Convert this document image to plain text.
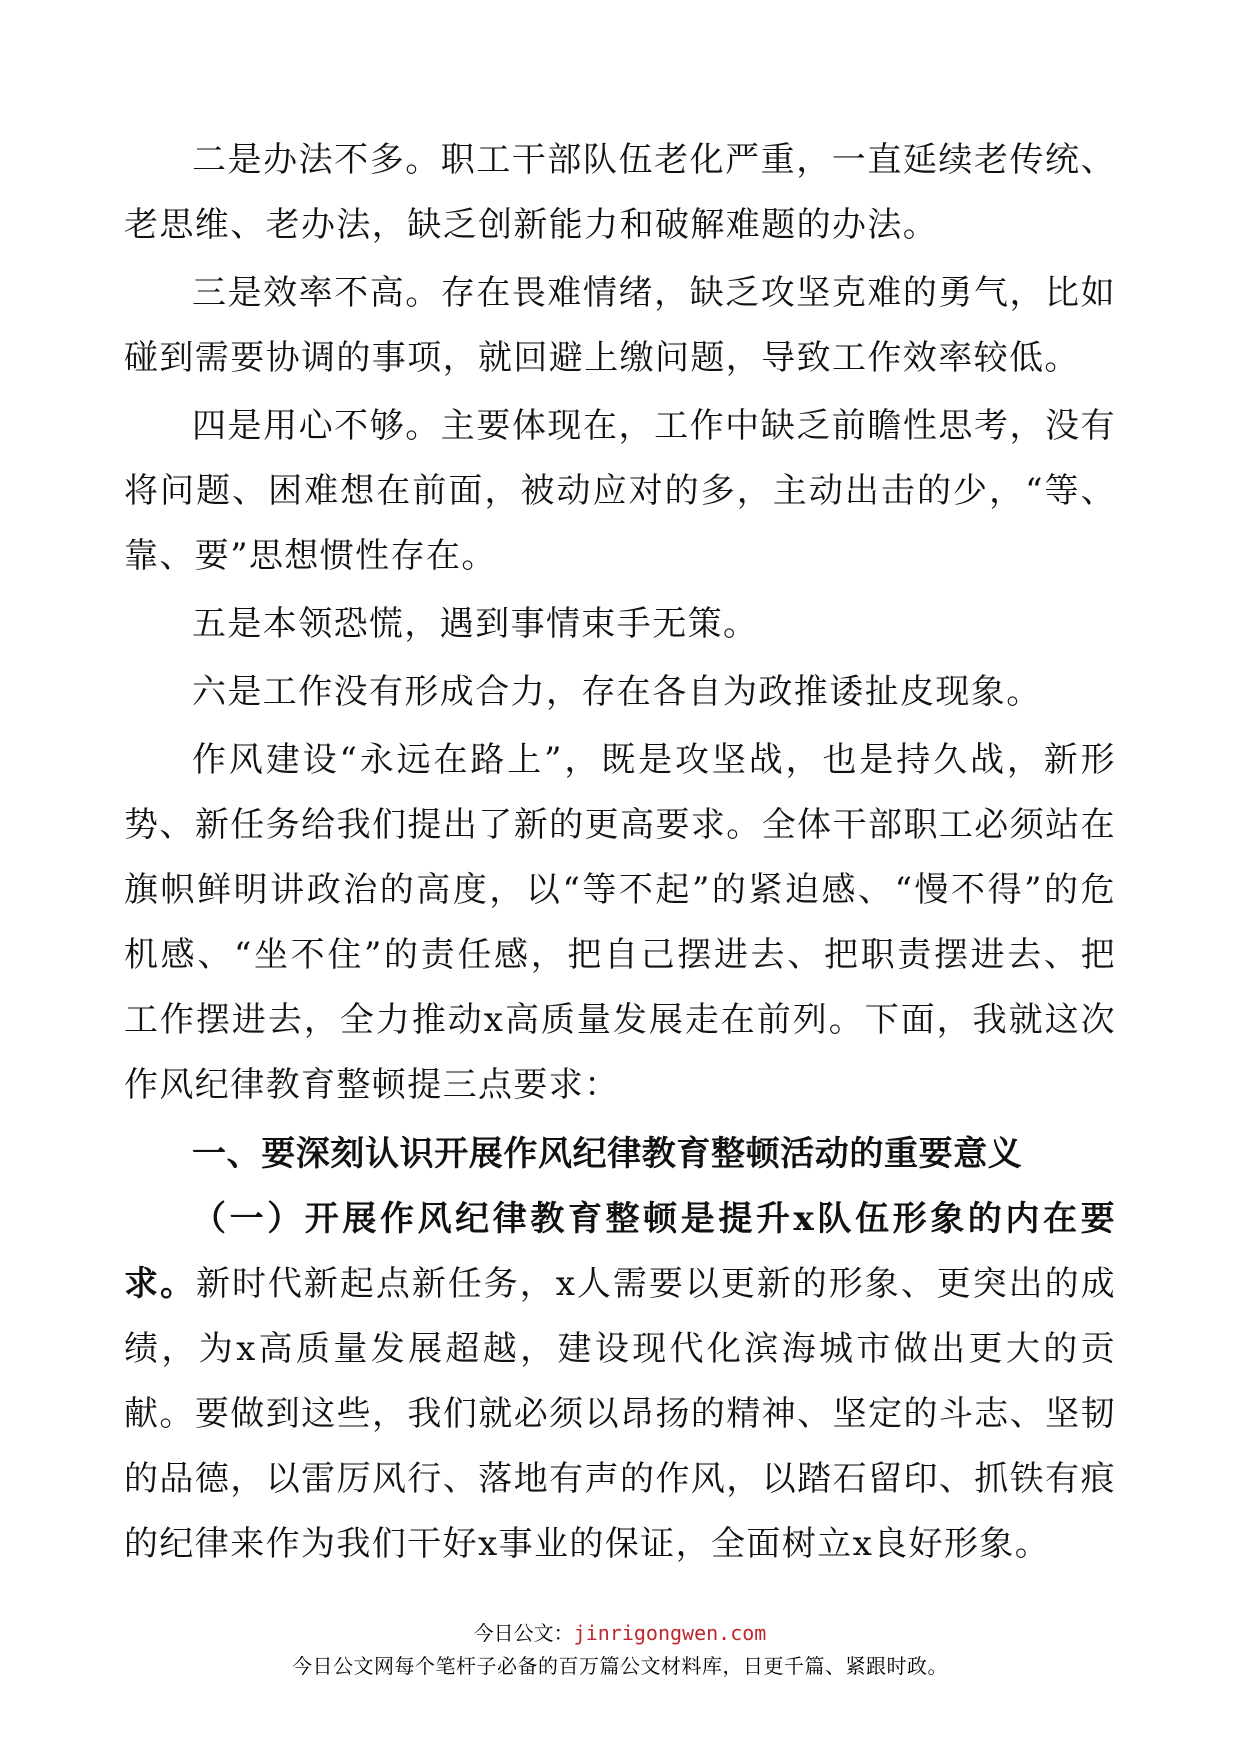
二是办法不多。职工干部队伍老化严重，一直延续老传统、老思维、老办法，缺乏创新能力和破解难题的办法。

三是效率不高。存在畏难情绪，缺乏攻坚克难的勇气，比如碰到需要协调的事项，就回避上缴问题，导致工作效率较低。

四是用心不够。主要体现在，工作中缺乏前瞻性思考，没有将问题、困难想在前面，被动应对的多，主动出击的少，“等、靠、要”思想惯性存在。

五是本领恐慌，遇到事情束手无策。

六是工作没有形成合力，存在各自为政推诿扯皮现象。

作风建设“永远在路上”，既是攻坚战，也是持久战，新形势、新任务给我们提出了新的更高要求。全体干部职工必须站在旗帜鲜明讲政治的高度，以“等不起”的紧迫感、“慢不得”的危机感、“坐不住”的责任感，把自己摆进去、把职责摆进去、把工作摆进去，全力推动x高质量发展走在前列。下面，我就这次作风纪律教育整顿提三点要求：

一、要深刻认识开展作风纪律教育整顿活动的重要意义

（一）开展作风纪律教育整顿是提升x队伍形象的内在要求。新时代新起点新任务，x人需要以更新的形象、更突出的成绩，为x高质量发展超越，建设现代化滨海城市做出更大的贡献。要做到这些，我们就必须以昂扬的精神、坚定的斗志、坚韧的品德，以雷厉风行、落地有声的作风，以踏石留印、抓铁有痕的纪律来作为我们干好x事业的保证，全面树立x良好形象。

今日公文：jinrigongwen.com
今日公文网每个笔杆子必备的百万篇公文材料库，日更千篇、紧跟时政。
